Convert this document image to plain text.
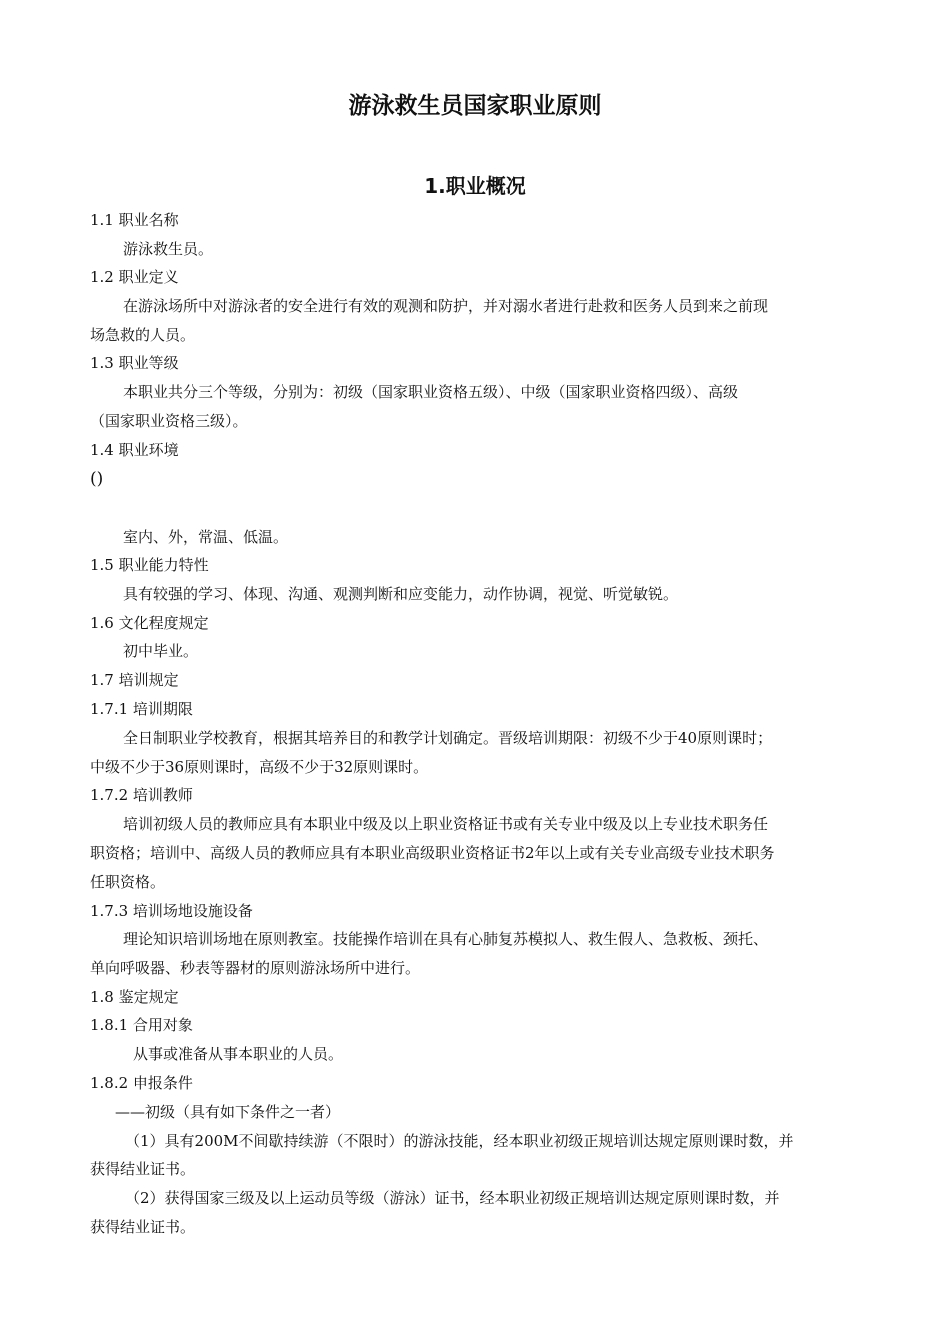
游泳救生员国家职业原则
1.职业概况
1.1 职业名称
游泳救生员。
1.2 职业定义
在游泳场所中对游泳者的安全进行有效的观测和防护，并对溺水者进行赴救和医务人员到来之前现
场急救的人员。
1.3 职业等级
本职业共分三个等级，分别为：初级（国家职业资格五级）、中级（国家职业资格四级）、高级
（国家职业资格三级）。
1.4 职业环境
()
室内、外，常温、低温。
1.5 职业能力特性
具有较强的学习、体现、沟通、观测判断和应变能力，动作协调，视觉、听觉敏锐。
1.6 文化程度规定
初中毕业。
1.7 培训规定
1.7.1 培训期限
全日制职业学校教育，根据其培养目的和教学计划确定。晋级培训期限：初级不少于40原则课时；
中级不少于36原则课时，高级不少于32原则课时。
1.7.2 培训教师
培训初级人员的教师应具有本职业中级及以上职业资格证书或有关专业中级及以上专业技术职务任
职资格；培训中、高级人员的教师应具有本职业高级职业资格证书2年以上或有关专业高级专业技术职务
任职资格。
1.7.3 培训场地设施设备
理论知识培训场地在原则教室。技能操作培训在具有心肺复苏模拟人、救生假人、急救板、颈托、
单向呼吸器、秒表等器材的原则游泳场所中进行。
1.8 鉴定规定
1.8.1 合用对象
从事或准备从事本职业的人员。
1.8.2 申报条件
——初级（具有如下条件之一者）
（1）具有200M不间歇持续游（不限时）的游泳技能，经本职业初级正规培训达规定原则课时数，并
获得结业证书。
（2）获得国家三级及以上运动员等级（游泳）证书，经本职业初级正规培训达规定原则课时数，并
获得结业证书。
